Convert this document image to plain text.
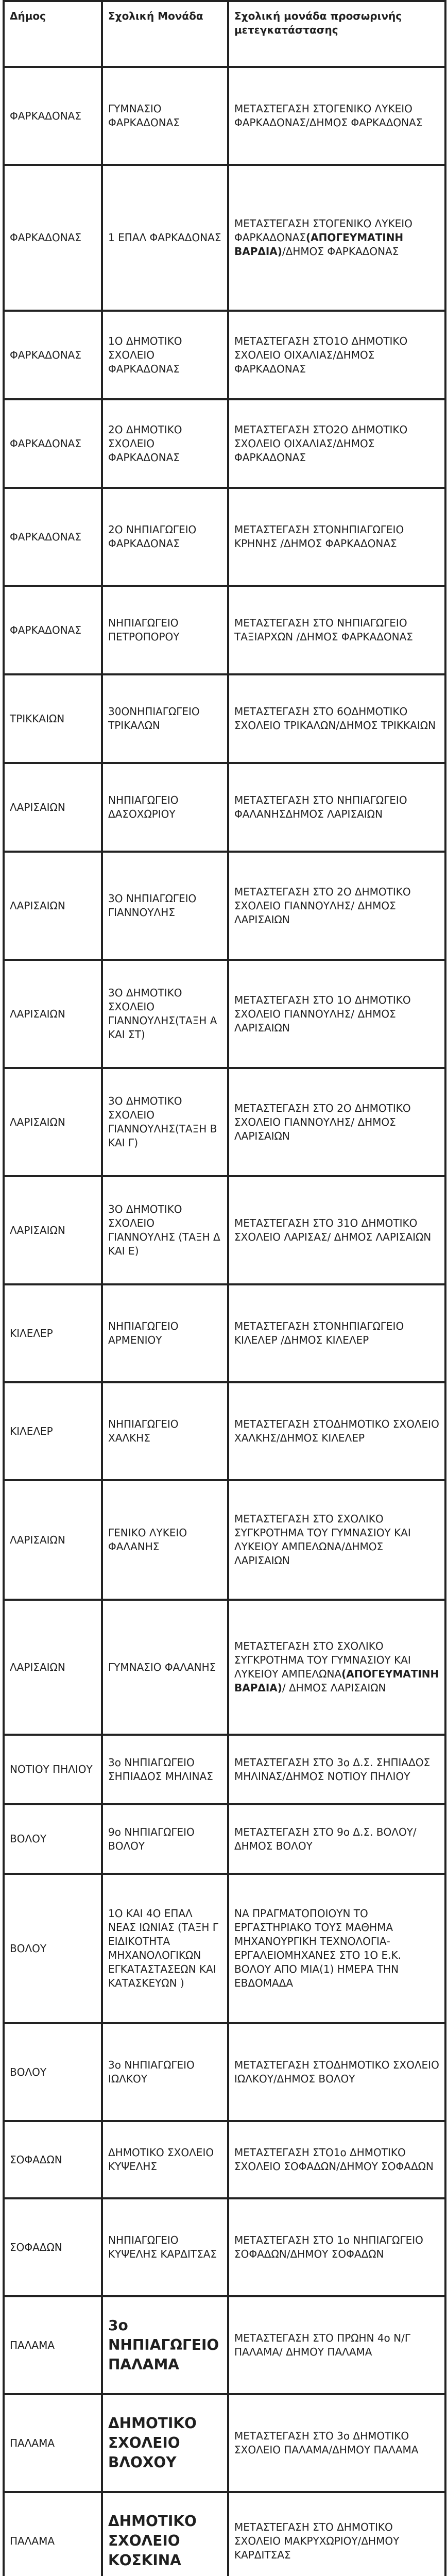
Δήμος	Σχολική Μονάδα	Σχολική μονάδα προσωρινής μετεγκατάστασης
ΦΑΡΚΑΔΟΝΑΣ	ΓΥΜΝΑΣΙΟ ΦΑΡΚΑΔΟΝΑΣ	ΜΕΤΑΣΤΕΓΑΣΗ ΣΤΟΓΕΝΙΚΟ ΛΥΚΕΙΟ ΦΑΡΚΑΔΟΝΑΣ/ΔΗΜΟΣ ΦΑΡΚΑΔΟΝΑΣ
ΦΑΡΚΑΔΟΝΑΣ	1 ΕΠΑΛ ΦΑΡΚΑΔΟΝΑΣ	ΜΕΤΑΣΤΕΓΑΣΗ ΣΤΟΓΕΝΙΚΟ ΛΥΚΕΙΟ ΦΑΡΚΑΔΟΝΑΣ(ΑΠΟΓΕΥΜΑΤΙΝΗ ΒΑΡΔΙΑ)/ΔΗΜΟΣ ΦΑΡΚΑΔΟΝΑΣ
ΦΑΡΚΑΔΟΝΑΣ	1Ο ΔΗΜΟΤΙΚΟ ΣΧΟΛΕΙΟ ΦΑΡΚΑΔΟΝΑΣ	ΜΕΤΑΣΤΕΓΑΣΗ ΣΤΟ1Ο ΔΗΜΟΤΙΚΟ ΣΧΟΛΕΙΟ ΟΙΧΑΛΙΑΣ/ΔΗΜΟΣ ΦΑΡΚΑΔΟΝΑΣ
ΦΑΡΚΑΔΟΝΑΣ	2Ο ΔΗΜΟΤΙΚΟ ΣΧΟΛΕΙΟ ΦΑΡΚΑΔΟΝΑΣ	ΜΕΤΑΣΤΕΓΑΣΗ ΣΤΟ2Ο ΔΗΜΟΤΙΚΟ ΣΧΟΛΕΙΟ ΟΙΧΑΛΙΑΣ/ΔΗΜΟΣ ΦΑΡΚΑΔΟΝΑΣ
ΦΑΡΚΑΔΟΝΑΣ	2Ο ΝΗΠΙΑΓΩΓΕΙΟ ΦΑΡΚΑΔΟΝΑΣ	ΜΕΤΑΣΤΕΓΑΣΗ ΣΤΟΝΗΠΙΑΓΩΓΕΙΟ ΚΡΗΝΗΣ /ΔΗΜΟΣ ΦΑΡΚΑΔΟΝΑΣ
ΦΑΡΚΑΔΟΝΑΣ	ΝΗΠΙΑΓΩΓΕΙΟ ΠΕΤΡΟΠΟΡΟΥ	ΜΕΤΑΣΤΕΓΑΣΗ ΣΤΟ ΝΗΠΙΑΓΩΓΕΙΟ ΤΑΞΙΑΡΧΩΝ /ΔΗΜΟΣ ΦΑΡΚΑΔΟΝΑΣ
ΤΡΙΚΚΑΙΩΝ	30ΟΝΗΠΙΑΓΩΓΕΙΟ ΤΡΙΚΑΛΩΝ	ΜΕΤΑΣΤΕΓΑΣΗ ΣΤΟ 6ΟΔΗΜΟΤΙΚΟ ΣΧΟΛΕΙΟ ΤΡΙΚΑΛΩΝ/ΔΗΜΟΣ ΤΡΙΚΚΑΙΩΝ
ΛΑΡΙΣΑΙΩΝ	ΝΗΠΙΑΓΩΓΕΙΟ ΔΑΣΟΧΩΡΙΟΥ	ΜΕΤΑΣΤΕΓΑΣΗ ΣΤΟ ΝΗΠΙΑΓΩΓΕΙΟ ΦΑΛΑΝΗΣΔΗΜΟΣ ΛΑΡΙΣΑΙΩΝ
ΛΑΡΙΣΑΙΩΝ	3Ο ΝΗΠΙΑΓΩΓΕΙΟ ΓΙΑΝΝΟΥΛΗΣ	ΜΕΤΑΣΤΕΓΑΣΗ ΣΤΟ 2Ο ΔΗΜΟΤΙΚΟ ΣΧΟΛΕΙΟ ΓΙΑΝΝΟΥΛΗΣ/ ΔΗΜΟΣ ΛΑΡΙΣΑΙΩΝ
ΛΑΡΙΣΑΙΩΝ	3Ο ΔΗΜΟΤΙΚΟ ΣΧΟΛΕΙΟ ΓΙΑΝΝΟΥΛΗΣ(ΤΑΞΗ Α ΚΑΙ ΣΤ)	ΜΕΤΑΣΤΕΓΑΣΗ ΣΤΟ 1Ο ΔΗΜΟΤΙΚΟ ΣΧΟΛΕΙΟ ΓΙΑΝΝΟΥΛΗΣ/ ΔΗΜΟΣ ΛΑΡΙΣΑΙΩΝ
ΛΑΡΙΣΑΙΩΝ	3Ο ΔΗΜΟΤΙΚΟ ΣΧΟΛΕΙΟ ΓΙΑΝΝΟΥΛΗΣ(ΤΑΞΗ Β ΚΑΙ Γ)	ΜΕΤΑΣΤΕΓΑΣΗ ΣΤΟ 2Ο ΔΗΜΟΤΙΚΟ ΣΧΟΛΕΙΟ ΓΙΑΝΝΟΥΛΗΣ/ ΔΗΜΟΣ ΛΑΡΙΣΑΙΩΝ
ΛΑΡΙΣΑΙΩΝ	3Ο ΔΗΜΟΤΙΚΟ ΣΧΟΛΕΙΟ ΓΙΑΝΝΟΥΛΗΣ (ΤΑΞΗ Δ ΚΑΙ Ε)	ΜΕΤΑΣΤΕΓΑΣΗ ΣΤΟ 31Ο ΔΗΜΟΤΙΚΟ ΣΧΟΛΕΙΟ ΛΑΡΙΣΑΣ/ ΔΗΜΟΣ ΛΑΡΙΣΑΙΩΝ
ΚΙΛΕΛΕΡ	ΝΗΠΙΑΓΩΓΕΙΟ ΑΡΜΕΝΙΟΥ	ΜΕΤΑΣΤΕΓΑΣΗ ΣΤΟΝΗΠΙΑΓΩΓΕΙΟ ΚΙΛΕΛΕΡ /ΔΗΜΟΣ ΚΙΛΕΛΕΡ
ΚΙΛΕΛΕΡ	ΝΗΠΙΑΓΩΓΕΙΟ ΧΑΛΚΗΣ	ΜΕΤΑΣΤΕΓΑΣΗ ΣΤΟΔΗΜΟΤΙΚΟ ΣΧΟΛΕΙΟ ΧΑΛΚΗΣ/ΔΗΜΟΣ ΚΙΛΕΛΕΡ
ΛΑΡΙΣΑΙΩΝ	ΓΕΝΙΚΟ ΛΥΚΕΙΟ ΦΑΛΑΝΗΣ	ΜΕΤΑΣΤΕΓΑΣΗ ΣΤΟ ΣΧΟΛΙΚΟ ΣΥΓΚΡΟΤΗΜΑ ΤΟΥ ΓΥΜΝΑΣΙΟΥ ΚΑΙ ΛΥΚΕΙΟΥ ΑΜΠΕΛΩΝΑ/ΔΗΜΟΣ ΛΑΡΙΣΑΙΩΝ
ΛΑΡΙΣΑΙΩΝ	ΓΥΜΝΑΣΙΟ ΦΑΛΑΝΗΣ	ΜΕΤΑΣΤΕΓΑΣΗ ΣΤΟ ΣΧΟΛΙΚΟ ΣΥΓΚΡΟΤΗΜΑ ΤΟΥ ΓΥΜΝΑΣΙΟΥ ΚΑΙ ΛΥΚΕΙΟΥ ΑΜΠΕΛΩΝΑ(ΑΠΟΓΕΥΜΑΤΙΝΗ ΒΑΡΔΙΑ)/ ΔΗΜΟΣ ΛΑΡΙΣΑΙΩΝ
ΝΟΤΙΟΥ ΠΗΛΙΟΥ	3ο ΝΗΠΙΑΓΩΓΕΙΟ ΣΗΠΙΑΔΟΣ ΜΗΛΙΝΑΣ	ΜΕΤΑΣΤΕΓΑΣΗ ΣΤΟ 3ο Δ.Σ. ΣΗΠΙΑΔΟΣ ΜΗΛΙΝΑΣ/ΔΗΜΟΣ ΝΟΤΙΟΥ ΠΗΛΙΟΥ
ΒΟΛΟΥ	9ο ΝΗΠΙΑΓΩΓΕΙΟ ΒΟΛΟΥ	ΜΕΤΑΣΤΕΓΑΣΗ ΣΤΟ 9ο Δ.Σ. ΒΟΛΟΥ/ΔΗΜΟΣ ΒΟΛΟΥ
ΒΟΛΟΥ	1Ο ΚΑΙ 4Ο ΕΠΑΛ ΝΕΑΣ ΙΩΝΙΑΣ (ΤΑΞΗ Γ ΕΙΔΙΚΟΤΗΤΑ ΜΗΧΑΝΟΛΟΓΙΚΩΝ ΕΓΚΑΤΑΣΤΑΣΕΩΝ ΚΑΙ ΚΑΤΑΣΚΕΥΩΝ )	ΝΑ ΠΡΑΓΜΑΤΟΠΟΙΟΥΝ ΤΟ ΕΡΓΑΣΤΗΡΙΑΚΟ ΤΟΥΣ ΜΑΘΗΜΑ ΜΗΧΑΝΟΥΡΓΙΚΗ ΤΕΧΝΟΛΟΓΙΑ-ΕΡΓΑΛΕΙΟΜΗΧΑΝΕΣ ΣΤΟ 1Ο Ε.Κ. ΒΟΛΟΥ ΑΠΟ ΜΙΑ(1) ΗΜΕΡΑ ΤΗΝ ΕΒΔΟΜΑΔΑ
ΒΟΛΟΥ	3ο ΝΗΠΙΑΓΩΓΕΙΟ ΙΩΛΚΟΥ	ΜΕΤΑΣΤΕΓΑΣΗ ΣΤΟΔΗΜΟΤΙΚΟ ΣΧΟΛΕΙΟ ΙΩΛΚΟΥ/ΔΗΜΟΣ ΒΟΛΟΥ
ΣΟΦΑΔΩΝ	ΔΗΜΟΤΙΚΟ ΣΧΟΛΕΙΟ ΚΥΨΕΛΗΣ	ΜΕΤΑΣΤΕΓΑΣΗ ΣΤΟ1ο ΔΗΜΟΤΙΚΟ ΣΧΟΛΕΙΟ ΣΟΦΑΔΩΝ/ΔΗΜΟΥ ΣΟΦΑΔΩΝ
ΣΟΦΑΔΩΝ	ΝΗΠΙΑΓΩΓΕΙΟ ΚΥΨΕΛΗΣ ΚΑΡΔΙΤΣΑΣ	ΜΕΤΑΣΤΕΓΑΣΗ ΣΤΟ 1ο ΝΗΠΙΑΓΩΓΕΙΟ ΣΟΦΑΔΩΝ/ΔΗΜΟΥ ΣΟΦΑΔΩΝ
ΠΑΛΑΜΑ	3ο ΝΗΠΙΑΓΩΓΕΙΟ ΠΑΛΑΜΑ	ΜΕΤΑΣΤΕΓΑΣΗ ΣΤΟ ΠΡΩΗΝ 4ο Ν/Γ ΠΑΛΑΜΑ/ ΔΗΜΟΥ ΠΑΛΑΜΑ
ΠΑΛΑΜΑ	ΔΗΜΟΤΙΚΟ ΣΧΟΛΕΙΟ ΒΛΟΧΟΥ	ΜΕΤΑΣΤΕΓΑΣΗ ΣΤΟ 3ο ΔΗΜΟΤΙΚΟ ΣΧΟΛΕΙΟ ΠΑΛΑΜΑ/ΔΗΜΟΥ ΠΑΛΑΜΑ
ΠΑΛΑΜΑ	ΔΗΜΟΤΙΚΟ ΣΧΟΛΕΙΟ ΚΟΣΚΙΝΑ	ΜΕΤΑΣΤΕΓΑΣΗ ΣΤΟ ΔΗΜΟΤΙΚΟ ΣΧΟΛΕΙΟ ΜΑΚΡΥΧΩΡΙΟΥ/ΔΗΜΟΥ ΚΑΡΔΙΤΣΑΣ
